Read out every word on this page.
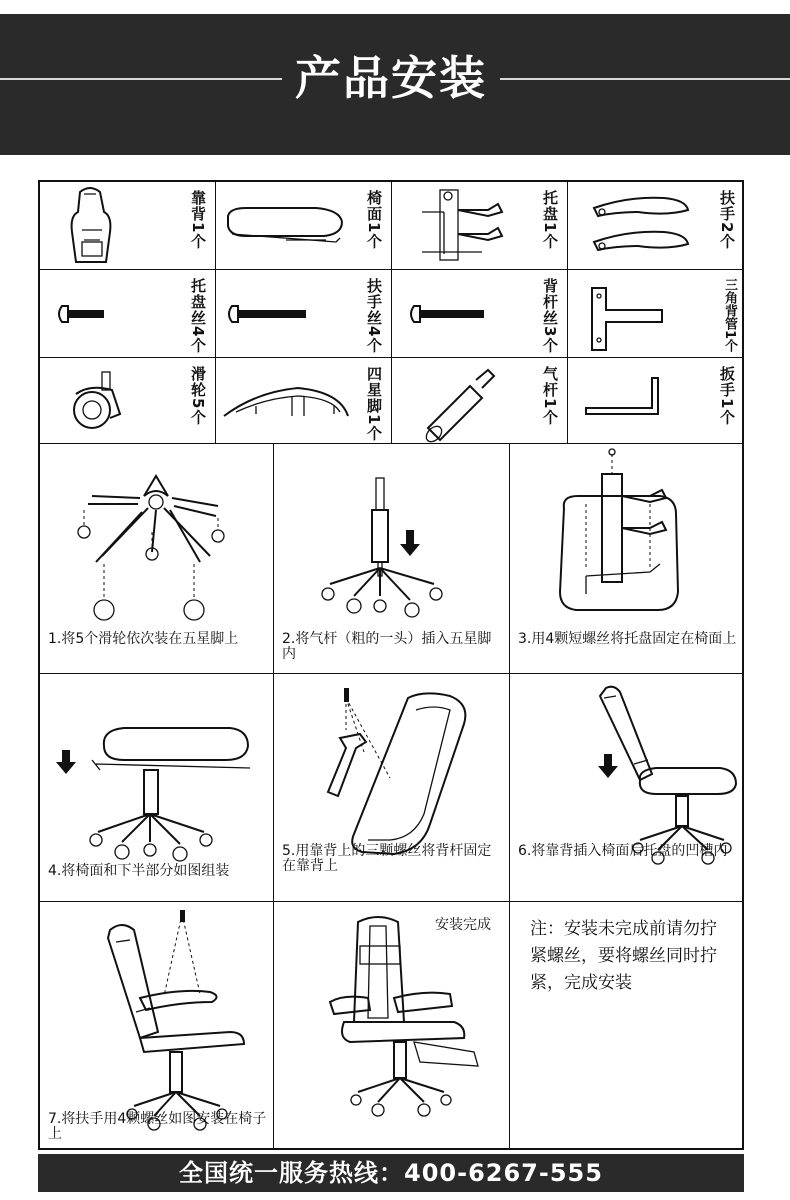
产品安装
靠背1个	椅面1个	托盘1个	扶手2个
托盘丝4个	扶手丝4个	背杆丝3个	三角背管1个
滑轮5个	四星脚1个	气杆1个	扳手1个
1.将5个滑轮依次装在五星脚上	2.将气杆（粗的一头）插入五星脚内
3.用4颗短螺丝将托盘固定在椅面上
4.将椅面和下半部分如图组装
5.用靠背上的三颗螺丝将背杆固定在靠背上
6.将靠背插入椅面后托盘的凹槽内
7.将扶手用4颗螺丝如图安装在椅子上
安装完成 注：安装未完成前请勿拧紧螺丝，要将螺丝同时拧紧，完成安装
全国统一服务热线：400-6267-555
